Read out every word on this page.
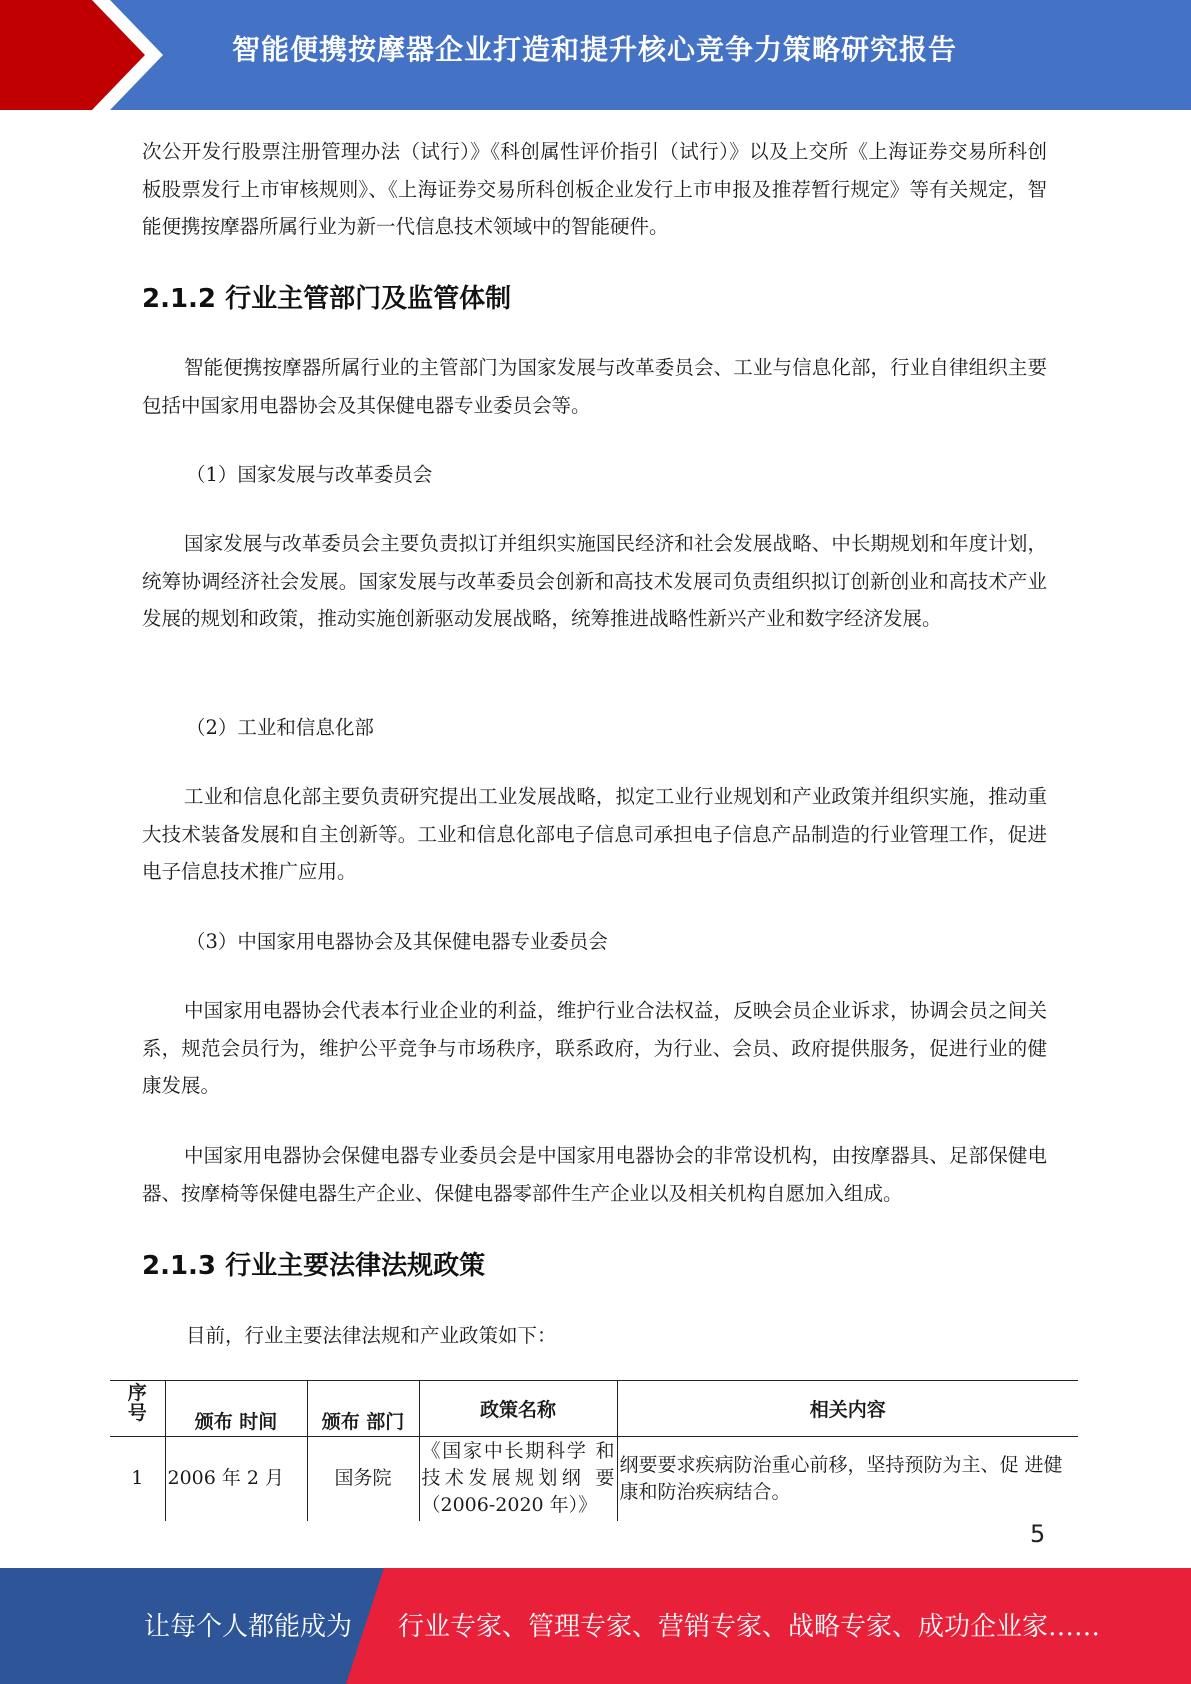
智能便携按摩器企业打造和提升核心竞争力策略研究报告

次公开发行股票注册管理办法（试行）》《科创属性评价指引（试行）》以及上交所《上海证券交易所科创板股票发行上市审核规则》、《上海证券交易所科创板企业发行上市申报及推荐暂行规定》等有关规定，智能便携按摩器所属行业为新一代信息技术领域中的智能硬件。

2.1.2 行业主管部门及监管体制

智能便携按摩器所属行业的主管部门为国家发展与改革委员会、工业与信息化部，行业自律组织主要包括中国家用电器协会及其保健电器专业委员会等。

（1）国家发展与改革委员会

国家发展与改革委员会主要负责拟订并组织实施国民经济和社会发展战略、中长期规划和年度计划，统筹协调经济社会发展。国家发展与改革委员会创新和高技术发展司负责组织拟订创新创业和高技术产业发展的规划和政策，推动实施创新驱动发展战略，统筹推进战略性新兴产业和数字经济发展。

（2）工业和信息化部

工业和信息化部主要负责研究提出工业发展战略，拟定工业行业规划和产业政策并组织实施，推动重大技术装备发展和自主创新等。工业和信息化部电子信息司承担电子信息产品制造的行业管理工作，促进电子信息技术推广应用。

（3）中国家用电器协会及其保健电器专业委员会

中国家用电器协会代表本行业企业的利益，维护行业合法权益，反映会员企业诉求，协调会员之间关系，规范会员行为，维护公平竞争与市场秩序，联系政府，为行业、会员、政府提供服务，促进行业的健康发展。

中国家用电器协会保健电器专业委员会是中国家用电器协会的非常设机构，由按摩器具、足部保健电器、按摩椅等保健电器生产企业、保健电器零部件生产企业以及相关机构自愿加入组成。

2.1.3 行业主要法律法规政策
目前，行业主要法律法规和产业政策如下：
序号	颁布 时间	颁布 部门	政策名称	相关内容
1	2006 年 2 月	国务院	《国家中长期科学 和
技术发展规划纲 要
（2006-2020 年）》	纲要要求疾病防治重心前移，坚持预防为主、促 进健康和防治疾病结合。
5
让每个人都能成为 行业专家、管理专家、营销专家、战略专家、成功企业家……
